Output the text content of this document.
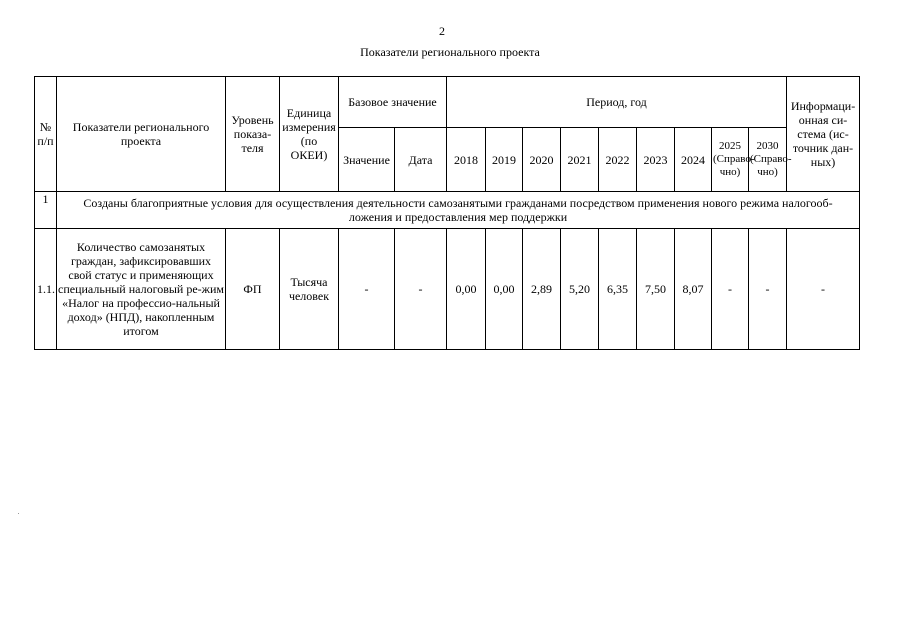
2
Показатели регионального проекта
№ п/п	Показатели регионального проекта	Уровень показа-теля	Единица измерения (по ОКЕИ)	Базовое значение		Период, год									Информаци-онная си-стема (ис-точник дан-ных)
				Значение	Дата	2018	2019	2020	2021	2022	2023	2024	2025 (Справо-чно)	2030 (Справо-чно)	
1	Созданы благоприятные условия для осуществления деятельности самозанятыми гражданами посредством применения нового режима налогооб-
ложения и предоставления мер поддержки														

1.1.	Количество самозанятых граждан, зафиксировавших свой статус и применяющих специальный налоговый ре-жим «Налог на профессио-нальный доход» (НПД), накопленным итогом	ФП	Тысяча человек	-	-	0,00	0,00	2,89	5,20	6,35	7,50	8,07	-	-	-
